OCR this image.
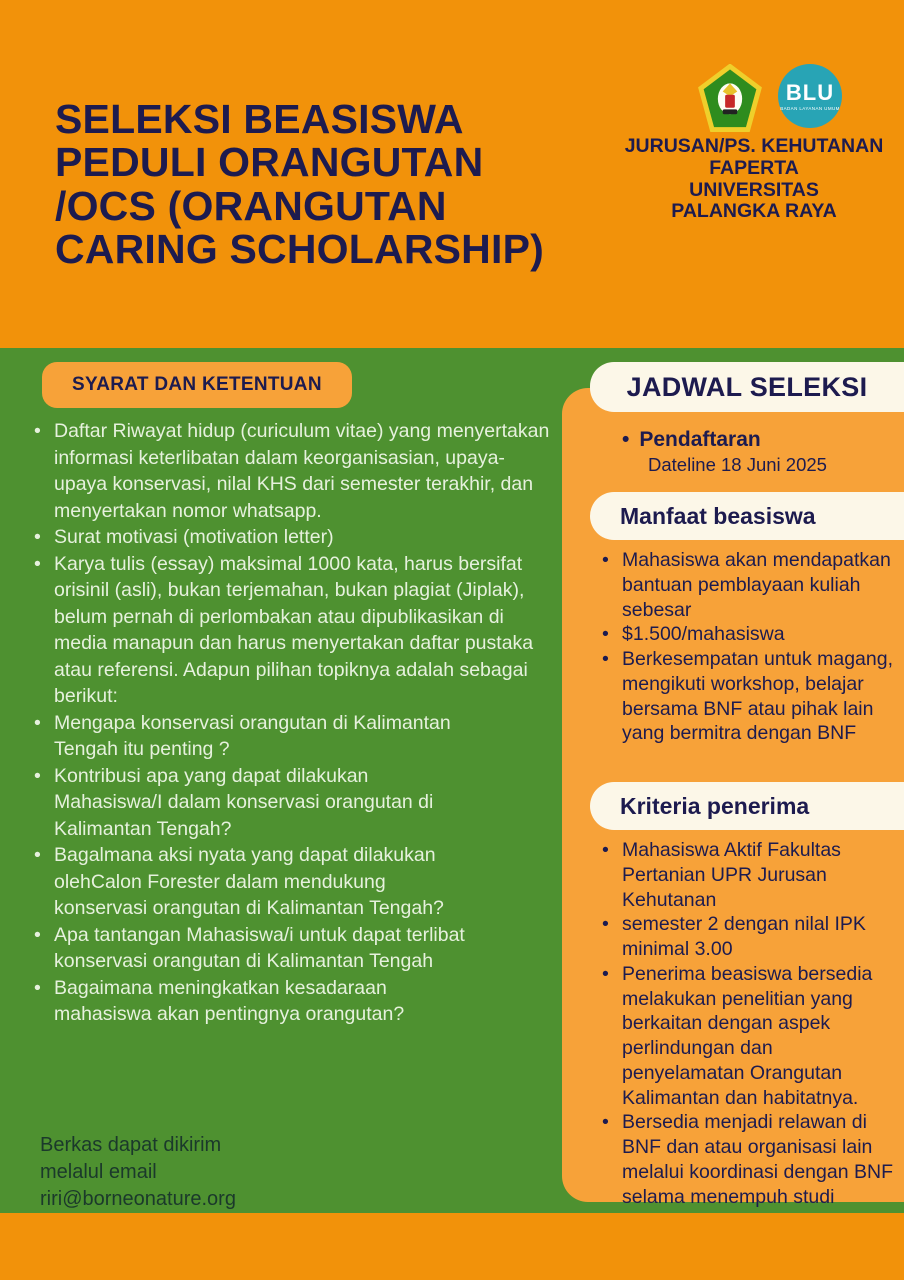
SELEKSI BEASISWA
PEDULI ORANGUTAN
/OCS (ORANGUTAN
CARING SCHOLARSHIP)
BLU
BADAN LAYANAN UMUM
JURUSAN/PS. KEHUTANAN
FAPERTA
UNIVERSITAS
PALANGKA RAYA
SYARAT DAN KETENTUAN
• Daftar Riwayat hidup (curiculum vitae) yang menyertakan informasi keterlibatan dalam keorganisasian, upaya-upaya konservasi, nilal KHS dari semester terakhir, dan menyertakan nomor whatsapp.
• Surat motivasi (motivation letter)
• Karya tulis (essay) maksimal 1000 kata, harus bersifat orisinil (asli), bukan terjemahan, bukan plagiat (Jiplak), belum pernah di perlombakan atau dipublikasikan di media manapun dan harus menyertakan daftar pustaka atau referensi. Adapun pilihan topiknya adalah sebagai berikut:
• Mengapa konservasi orangutan di Kalimantan Tengah itu penting ?
• Kontribusi apa yang dapat dilakukan Mahasiswa/I dalam konservasi orangutan di Kalimantan Tengah?
• Bagalmana aksi nyata yang dapat dilakukan olehCalon Forester dalam mendukung konservasi orangutan di Kalimantan Tengah?
• Apa tantangan Mahasiswa/i untuk dapat terlibat konservasi orangutan di Kalimantan Tengah
• Bagaimana meningkatkan kesadaraan mahasiswa akan pentingnya orangutan?
Berkas dapat dikirim
melalul email
riri@borneonature.org
JADWAL SELEKSI
• Pendaftaran
Dateline 18 Juni 2025
Manfaat beasiswa
• Mahasiswa akan mendapatkan bantuan pemblayaan kuliah sebesar
• $1.500/mahasiswa
• Berkesempatan untuk magang, mengikuti workshop, belajar bersama BNF atau pihak lain yang bermitra dengan BNF
Kriteria penerima
• Mahasiswa Aktif Fakultas Pertanian UPR Jurusan Kehutanan
• semester 2 dengan nilal IPK minimal 3.00
• Penerima beasiswa bersedia melakukan penelitian yang berkaitan dengan aspek perlindungan dan penyelamatan Orangutan Kalimantan dan habitatnya.
• Bersedia menjadi relawan di BNF dan atau organisasi lain melalui koordinasi dengan BNF selama menempuh studi
